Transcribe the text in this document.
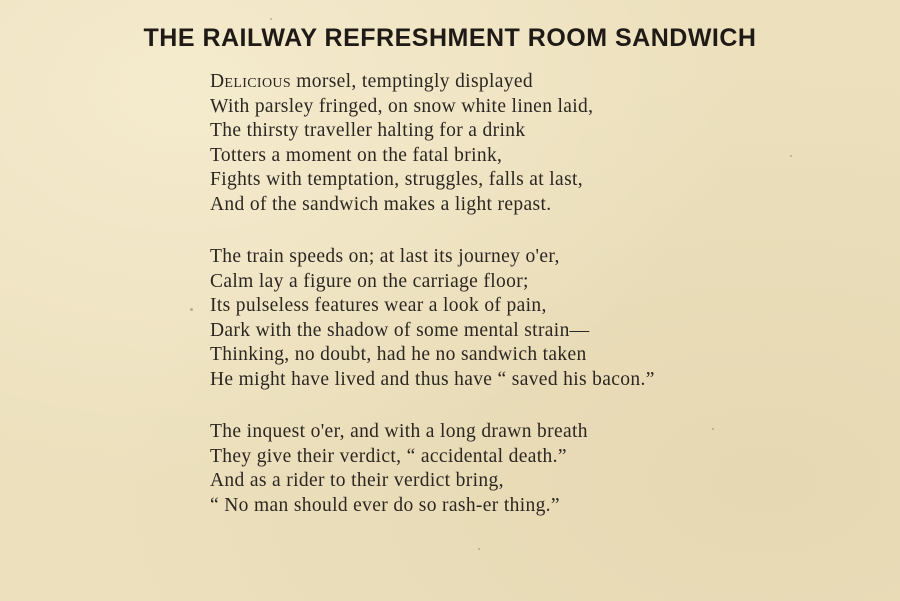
THE RAILWAY REFRESHMENT ROOM SANDWICH
Delicious morsel, temptingly displayed
With parsley fringed, on snow white linen laid,
The thirsty traveller halting for a drink
Totters a moment on the fatal brink,
Fights with temptation, struggles, falls at last,
And of the sandwich makes a light repast.
The train speeds on; at last its journey o'er,
Calm lay a figure on the carriage floor;
Its pulseless features wear a look of pain,
Dark with the shadow of some mental strain—
Thinking, no doubt, had he no sandwich taken
He might have lived and thus have “ saved his bacon.”
The inquest o'er, and with a long drawn breath
They give their verdict, “ accidental death.”
And as a rider to their verdict bring,
“ No man should ever do so rash-er thing.”
